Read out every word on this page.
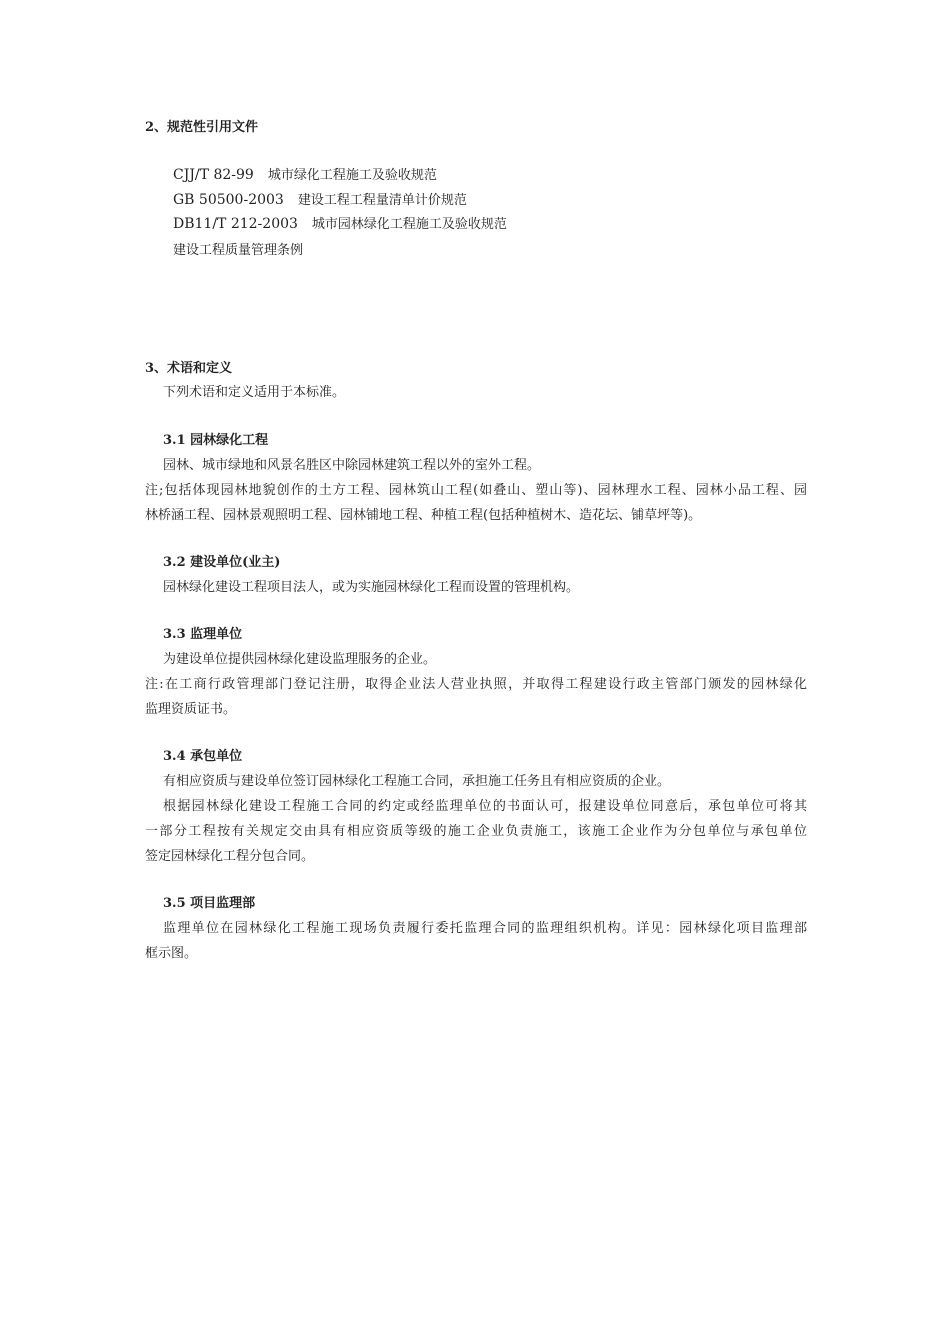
2、规范性引用文件
CJJ/T 82-99 城市绿化工程施工及验收规范
GB 50500-2003 建设工程工程量清单计价规范
DB11/T 212-2003 城市园林绿化工程施工及验收规范
建设工程质量管理条例
3、术语和定义
下列术语和定义适用于本标准。
3.1 园林绿化工程
园林、城市绿地和风景名胜区中除园林建筑工程以外的室外工程。
注;包括体现园林地貌创作的土方工程、园林筑山工程(如叠山、塑山等)、园林理水工程、园林小品工程、园
林桥涵工程、园林景观照明工程、园林铺地工程、种植工程(包括种植树木、造花坛、铺草坪等)。
3.2 建设单位(业主)
园林绿化建设工程项目法人，或为实施园林绿化工程而设置的管理机构。
3.3 监理单位
为建设单位提供园林绿化建设监理服务的企业。
注:在工商行政管理部门登记注册，取得企业法人营业执照，并取得工程建设行政主管部门颁发的园林绿化
监理资质证书。
3.4 承包单位
有相应资质与建设单位签订园林绿化工程施工合同，承担施工任务且有相应资质的企业。
根据园林绿化建设工程施工合同的约定或经监理单位的书面认可，报建设单位同意后，承包单位可将其
一部分工程按有关规定交由具有相应资质等级的施工企业负责施工，该施工企业作为分包单位与承包单位
签定园林绿化工程分包合同。
3.5 项目监理部
监理单位在园林绿化工程施工现场负责履行委托监理合同的监理组织机构。详见：园林绿化项目监理部
框示图。
